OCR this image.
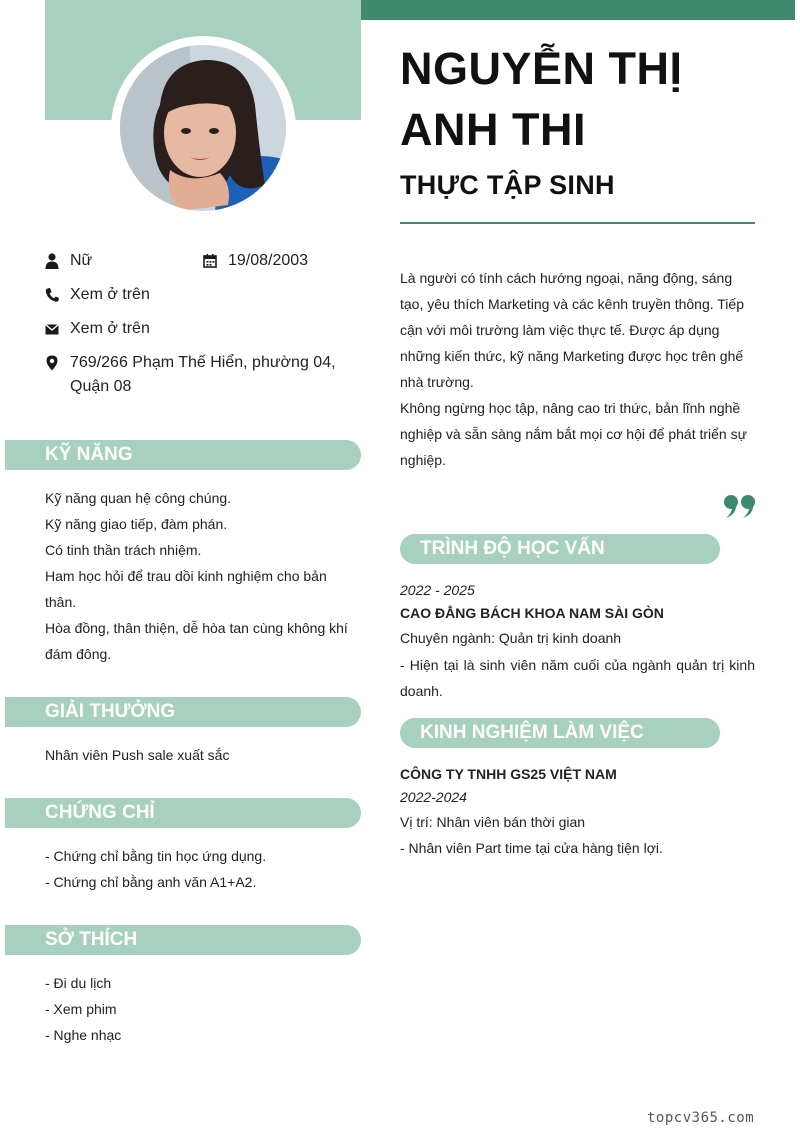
NGUYỄN THỊ
ANH THI
THỰC TẬP SINH
Nữ	19/08/2003
Xem ở trên
Xem ở trên
769/266 Phạm Thế Hiển, phường 04, Quận 08

Là người có tính cách hướng ngoại, năng động, sáng tạo, yêu thích Marketing và các kênh truyền thông. Tiếp cận với môi trường làm việc thực tế. Được áp dụng những kiến thức, kỹ năng Marketing được học trên ghế nhà trường.

Không ngừng học tập, nâng cao tri thức, bản lĩnh nghề nghiệp và sẵn sàng nắm bắt mọi cơ hội để phát triển sự nghiệp.

KỸ NĂNG

Kỹ năng quan hệ công chúng.

Kỹ năng giao tiếp, đàm phán.

Có tinh thần trách nhiệm.

Ham học hỏi để trau dồi kinh nghiệm cho bản thân.

Hòa đồng, thân thiện, dễ hòa tan cùng không khí đám đông.

GIẢI THƯỞNG

Nhân viên Push sale xuất sắc

CHỨNG CHỈ

- Chứng chỉ bằng tin học ứng dụng.

- Chứng chỉ bằng anh văn A1+A2.

SỞ THÍCH

- Đi du lịch

- Xem phim

- Nghe nhạc

TRÌNH ĐỘ HỌC VẤN
2022 - 2025
CAO ĐẲNG BÁCH KHOA NAM SÀI GÒN
Chuyên ngành: Quản trị kinh doanh
- Hiện tại là sinh viên năm cuối của ngành quản trị kinh doanh.
KINH NGHIỆM LÀM VIỆC
CÔNG TY TNHH GS25 VIỆT NAM
2022-2024
Vị trí: Nhân viên bán thời gian
- Nhân viên Part time tại cửa hàng tiện lợi.
topcv365.com
